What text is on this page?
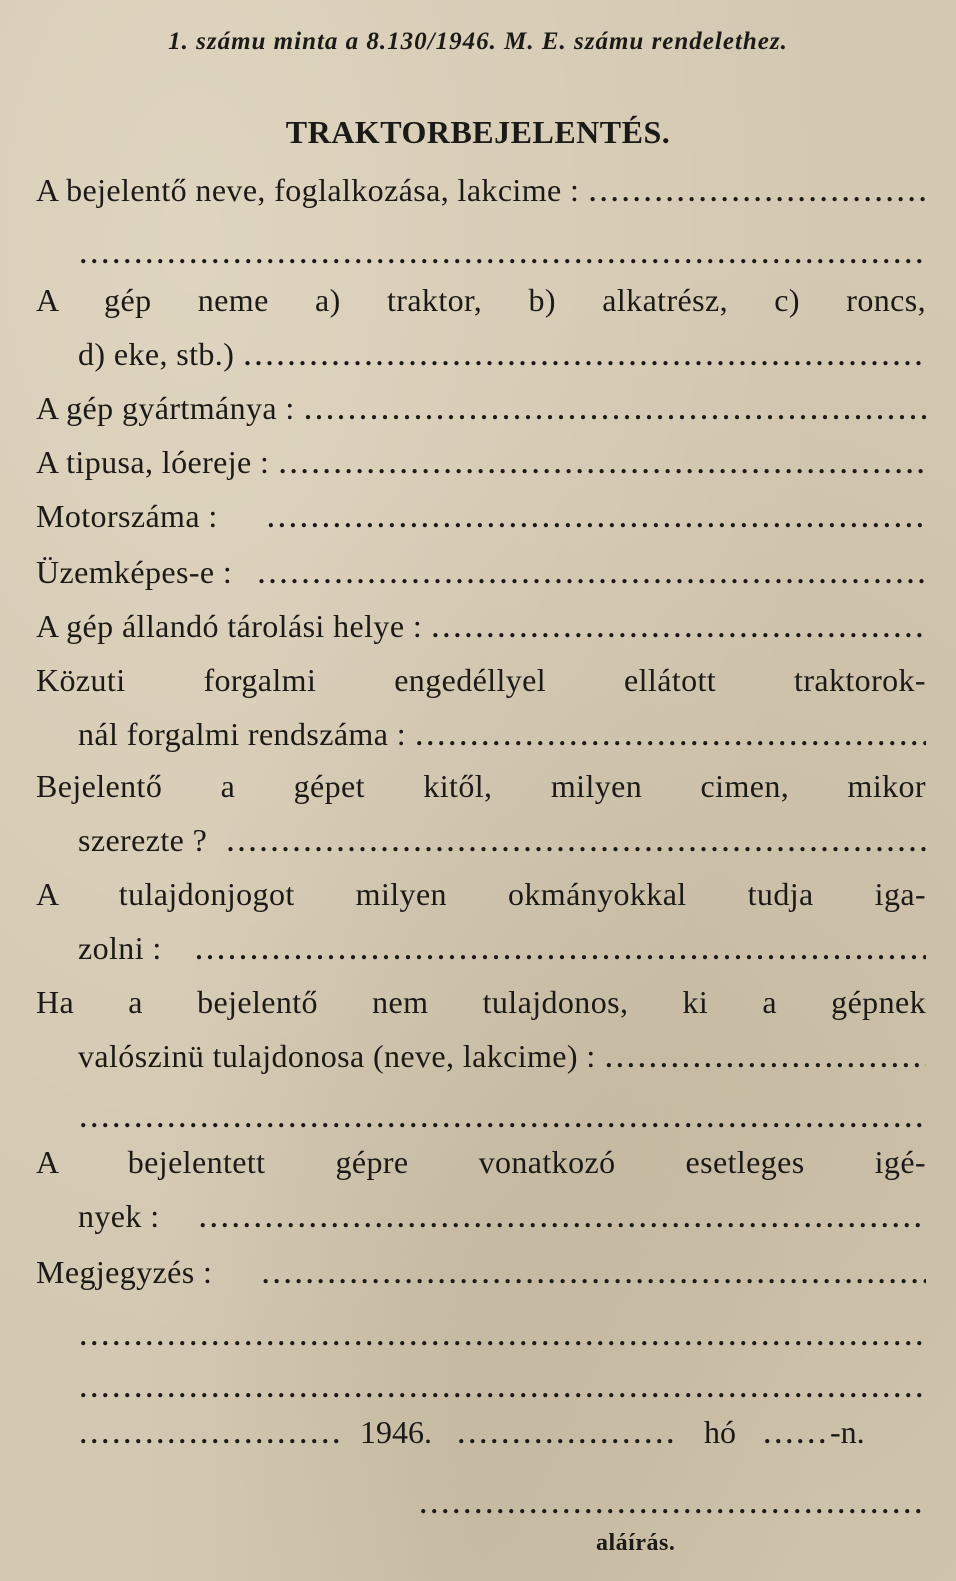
1. számu minta a 8.130/1946. M. E. számu rendelethez.
TRAKTORBEJELENTÉS.
A bejelentő neve, foglalkozása, lakcime :
.....
.....
A gép neme a) traktor, b) alkatrész, c) roncs,
d) eke, stb.)
.....
A gép gyártmánya :
.....
A tipusa, lóereje :
.....
Motorszáma :
.....
Üzemképes-e :
.....
A gép állandó tárolási helye :
.....
Közuti forgalmi engedéllyel ellátott traktorok-
nál forgalmi rendszáma :
.....
Bejelentő a gépet kitől, milyen cimen, mikor
szerezte ?
.....
A tulajdonjogot milyen okmányokkal tudja iga-
zolni :
.....
Ha a bejelentő nem tulajdonos, ki a gépnek
valószinü tulajdonosa (neve, lakcime) :
.....
.....
A bejelentett gépre vonatkozó esetleges igé-
nyek :
.....
Megjegyzés :
.....
.....
.....
.....
1946. .....	hó .....	-n.
.....
aláírás.
